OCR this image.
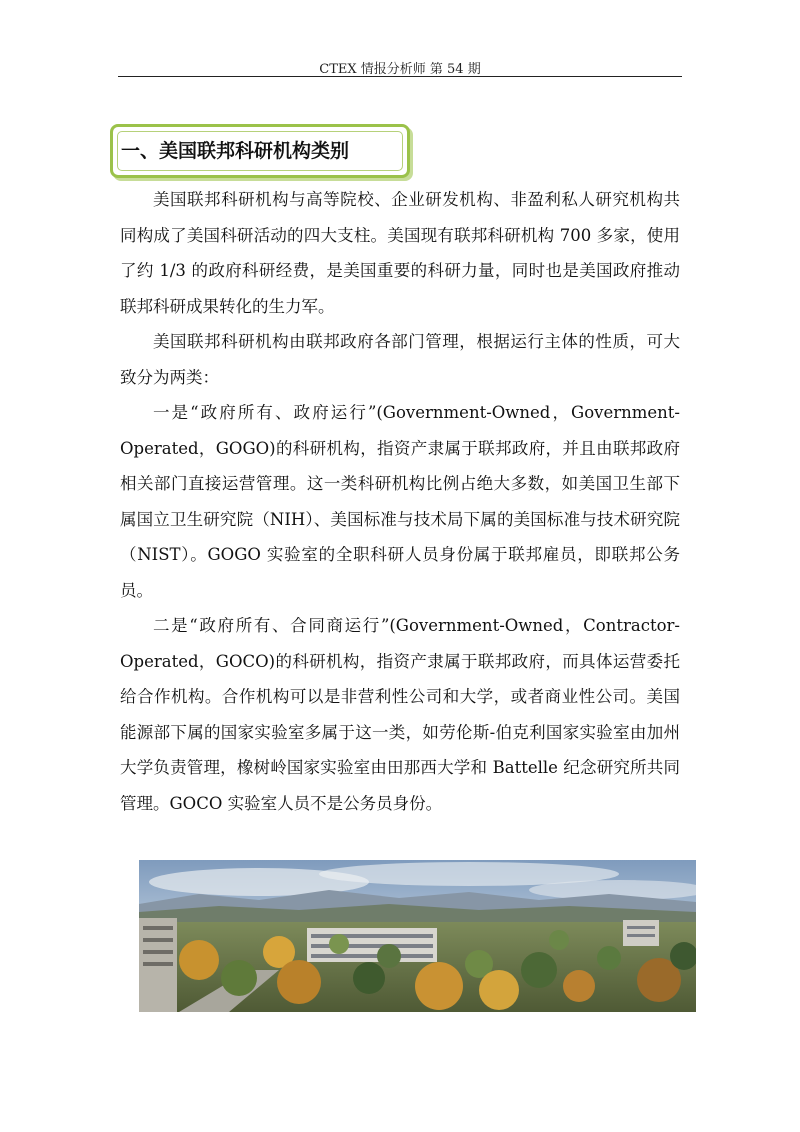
CTEX 情报分析师 第 54 期
一、美国联邦科研机构类别

美国联邦科研机构与高等院校、企业研发机构、非盈利私人研究机构共同构成了美国科研活动的四大支柱。美国现有联邦科研机构 700 多家，使用了约 1/3 的政府科研经费，是美国重要的科研力量，同时也是美国政府推动联邦科研成果转化的生力军。

美国联邦科研机构由联邦政府各部门管理，根据运行主体的性质，可大致分为两类：

一是“政府所有、政府运行”(Government-Owned，Government-Operated，GOGO)的科研机构，指资产隶属于联邦政府，并且由联邦政府相关部门直接运营管理。这一类科研机构比例占绝大多数，如美国卫生部下属国立卫生研究院（NIH）、美国标准与技术局下属的美国标准与技术研究院（NIST）。GOGO 实验室的全职科研人员身份属于联邦雇员，即联邦公务员。

二是“政府所有、合同商运行”(Government-Owned，Contractor-Operated，GOCO)的科研机构，指资产隶属于联邦政府，而具体运营委托给合作机构。合作机构可以是非营利性公司和大学，或者商业性公司。美国能源部下属的国家实验室多属于这一类，如劳伦斯-伯克利国家实验室由加州大学负责管理，橡树岭国家实验室由田那西大学和 Battelle 纪念研究所共同管理。GOCO 实验室人员不是公务员身份。
